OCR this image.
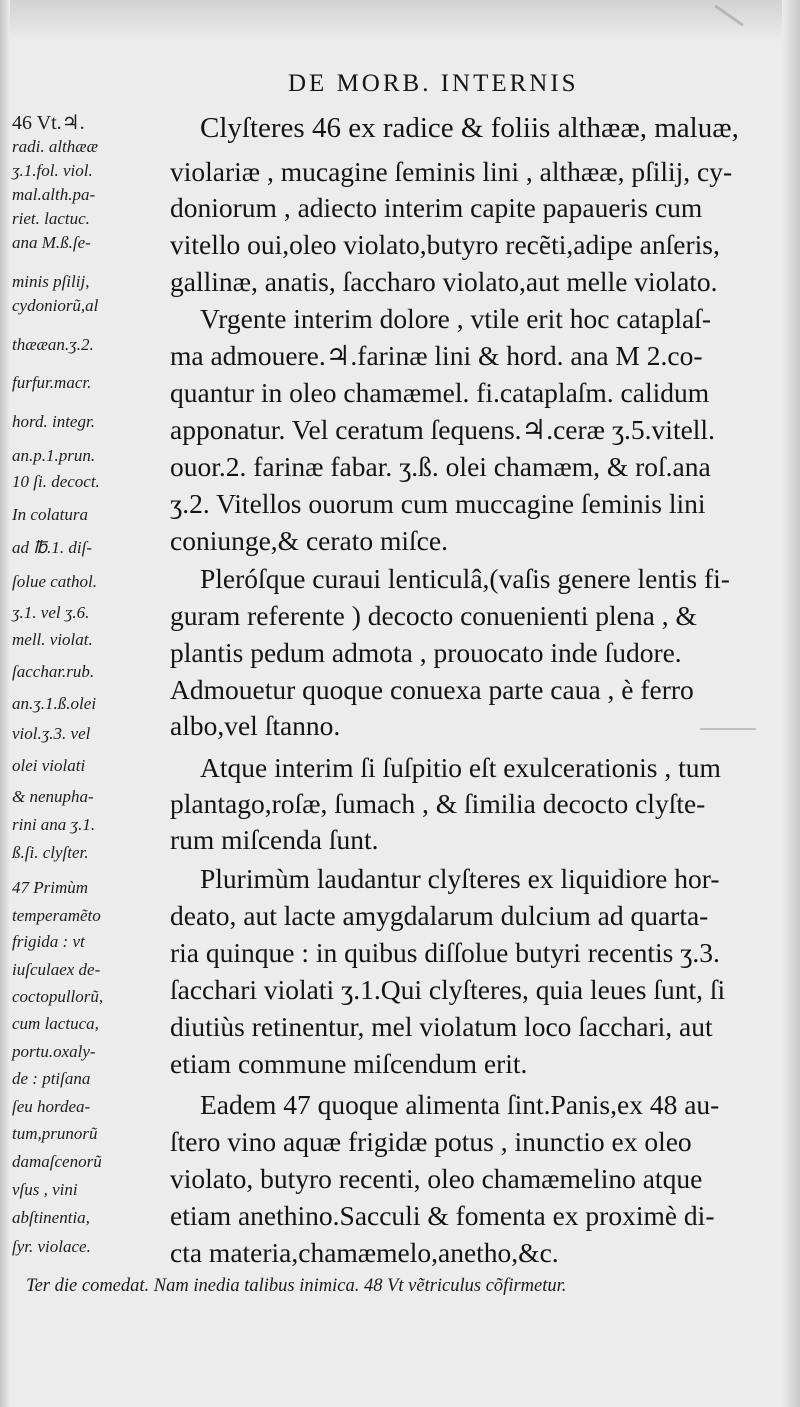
DE MORB. INTERNIS
46 Vt.♃.
radi. althææ
ʒ.1.fol. viol.
mal.alth.pa-
riet. lactuc.
ana M.ß.ſe-
minis pſilij,
cydoniorũ,al
thææan.ʒ.2.
furfur.macr.
hord. integr.
an.p.1.prun.
10 ſi. decoct.
In colatura
ad ℔.1. diſ-
ſolue cathol.
ʒ.1. vel ʒ.6.
mell. violat.
ſacchar.rub.
an.ʒ.1.ß.olei
viol.ʒ.3. vel
olei violati
& nenupha-
rini ana ʒ.1.
ß.ſi. clyſter.
47 Primùm
temperamẽto
frigida : vt
iuſculaex de-
coctopullorũ,
cum lactuca,
portu.oxaly-
de : ptiſana
ſeu hordea-
tum,prunorũ
damaſcenorũ
vſus , vini
abſtinentia,
ſyr. violace.
Clyſteres 46 ex radice & foliis althææ, maluæ,
violariæ , mucagine ſeminis lini , althææ, pſilij, cy-
doniorum , adiecto interim capite papaueris cum
vitello oui,oleo violato,butyro recẽti,adipe anſeris,
gallinæ, anatis, ſaccharo violato,aut melle violato.
Vrgente interim dolore , vtile erit hoc cataplaſ-
ma admouere.♃.farinæ lini & hord. ana M 2.co-
quantur in oleo chamæmel. fi.cataplaſm. calidum
apponatur. Vel ceratum ſequens.♃.ceræ ʒ.5.vitell.
ouor.2. farinæ fabar. ʒ.ß. olei chamæm, & roſ.ana
ʒ.2. Vitellos ouorum cum muccagine ſeminis lini
coniunge,& cerato miſce.
Pleróſque curaui lenticulâ,(vaſis genere lentis fi-
guram referente ) decocto conuenienti plena , &
plantis pedum admota , prouocato inde ſudore.
Admouetur quoque conuexa parte caua , è ferro
albo,vel ſtanno.
Atque interim ſi ſuſpitio eſt exulcerationis , tum
plantago,roſæ, ſumach , & ſimilia decocto clyſte-
rum miſcenda ſunt.
Plurimùm laudantur clyſteres ex liquidiore hor-
deato, aut lacte amygdalarum dulcium ad quarta-
ria quinque : in quibus diſſolue butyri recentis ʒ.3.
ſacchari violati ʒ.1.Qui clyſteres, quia leues ſunt, ſi
diutiùs retinentur, mel violatum loco ſacchari, aut
etiam commune miſcendum erit.
Eadem 47 quoque alimenta ſint.Panis,ex 48 au-
ſtero vino aquæ frigidæ potus , inunctio ex oleo
violato, butyro recenti, oleo chamæmelino atque
etiam anethino.Sacculi & fomenta ex proximè di-
cta materia,chamæmelo,anetho,&c.
Ter die comedat. Nam inedia talibus inimica. 48 Vt vẽtriculus cõfirmetur.
